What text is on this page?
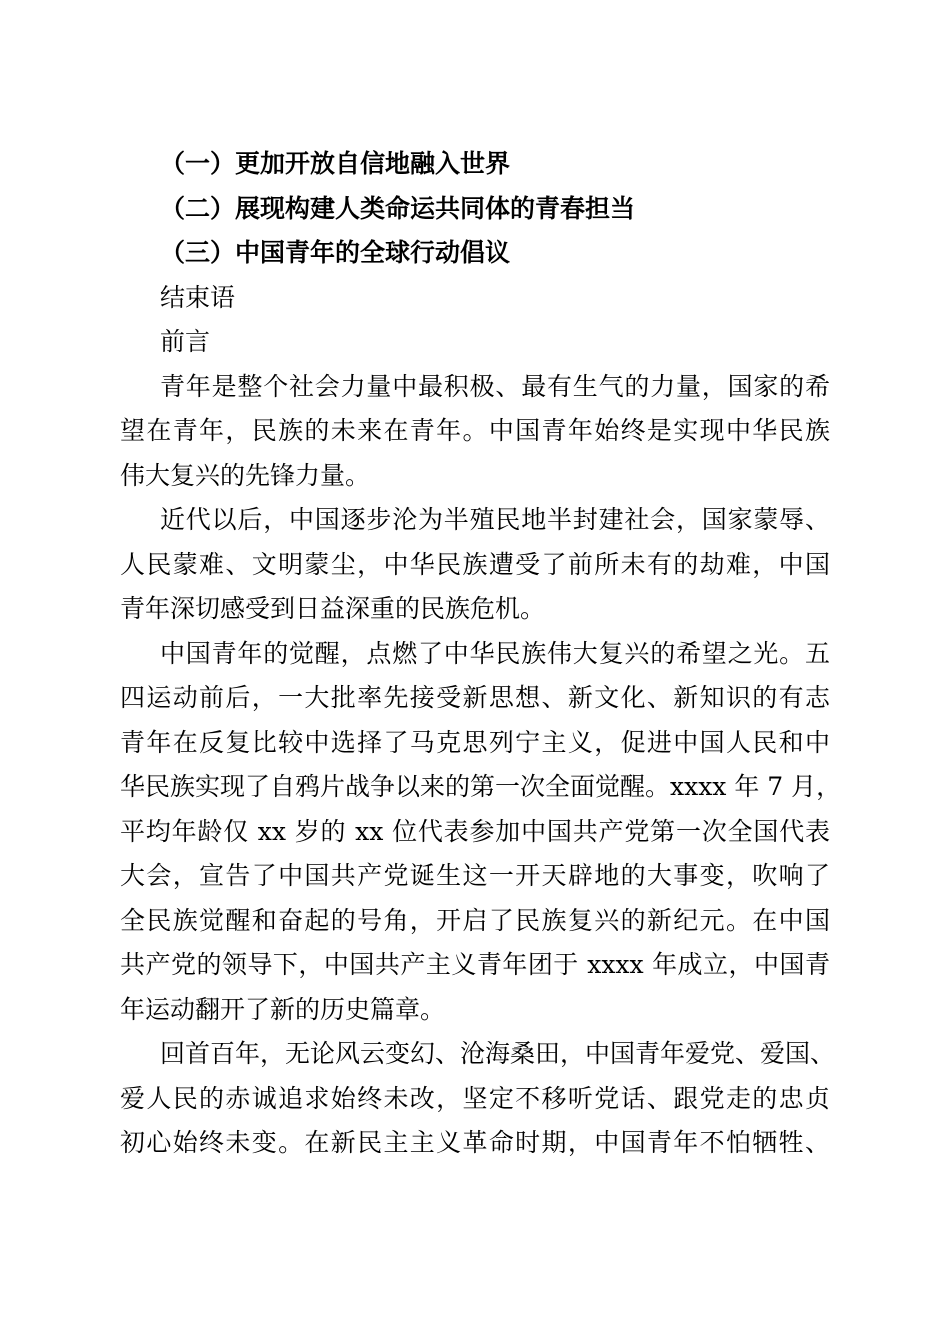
（一）更加开放自信地融入世界
（二）展现构建人类命运共同体的青春担当
（三）中国青年的全球行动倡议
结束语
前言
青年是整个社会力量中最积极、最有生气的力量，国家的希
望在青年，民族的未来在青年。中国青年始终是实现中华民族
伟大复兴的先锋力量。
近代以后，中国逐步沦为半殖民地半封建社会，国家蒙辱、
人民蒙难、文明蒙尘，中华民族遭受了前所未有的劫难，中国
青年深切感受到日益深重的民族危机。
中国青年的觉醒，点燃了中华民族伟大复兴的希望之光。五
四运动前后，一大批率先接受新思想、新文化、新知识的有志
青年在反复比较中选择了马克思列宁主义，促进中国人民和中
华民族实现了自鸦片战争以来的第一次全面觉醒。xxxx 年 7 月，
平均年龄仅 xx 岁的 xx 位代表参加中国共产党第一次全国代表
大会，宣告了中国共产党诞生这一开天辟地的大事变，吹响了
全民族觉醒和奋起的号角，开启了民族复兴的新纪元。在中国
共产党的领导下，中国共产主义青年团于 xxxx 年成立，中国青
年运动翻开了新的历史篇章。
回首百年，无论风云变幻、沧海桑田，中国青年爱党、爱国、
爱人民的赤诚追求始终未改，坚定不移听党话、跟党走的忠贞
初心始终未变。在新民主主义革命时期，中国青年不怕牺牲、
